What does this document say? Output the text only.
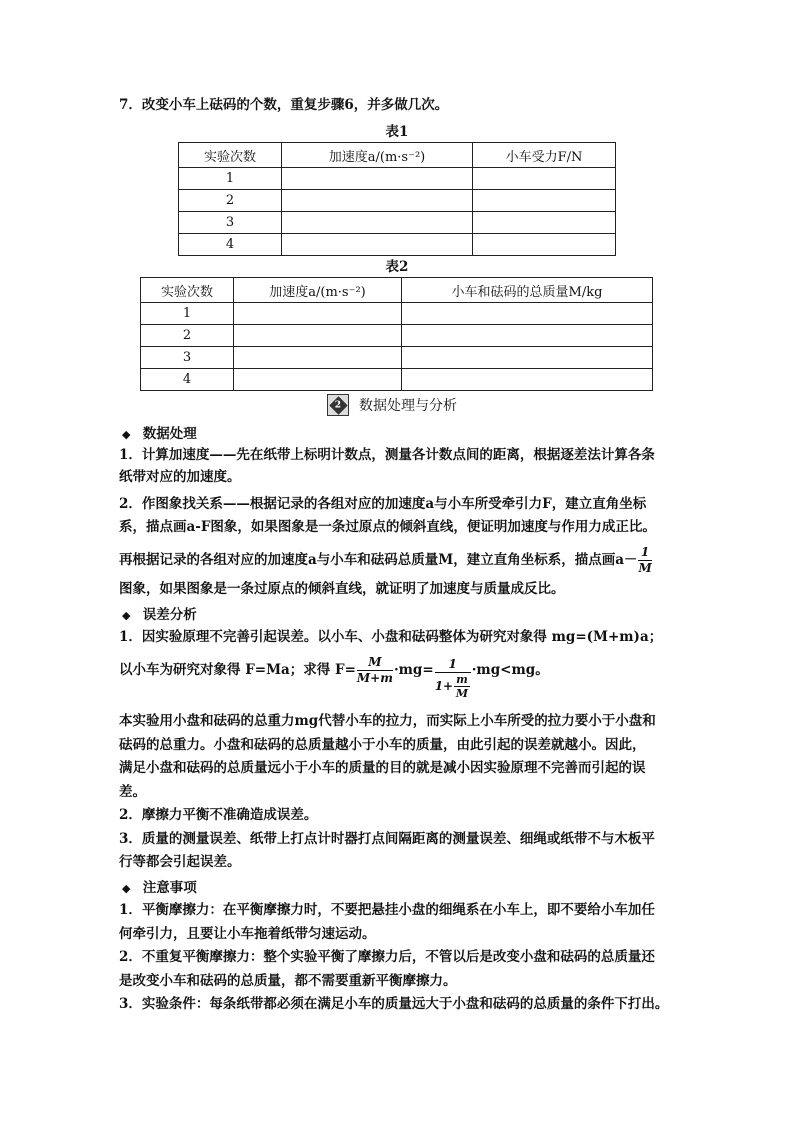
7．改变小车上砝码的个数，重复步骤6，并多做几次。
表1
实验次数	加速度a/(m·s⁻²)	小车受力F/N
1		
2		
3		
4		
表2
实验次数	加速度a/(m·s⁻²)	小车和砝码的总质量M/kg
1		
2		
3		
4		
2 数据处理与分析
◆ 数据处理
1．计算加速度——先在纸带上标明计数点，测量各计数点间的距离，根据逐差法计算各条
纸带对应的加速度。
2．作图象找关系——根据记录的各组对应的加速度a与小车所受牵引力F，建立直角坐标
系，描点画a-F图象，如果图象是一条过原点的倾斜直线，便证明加速度与作用力成正比。
再根据记录的各组对应的加速度a与小车和砝码总质量M，建立直角坐标系，描点画$a- \frac{1}{M}$
图象，如果图象是一条过原点的倾斜直线，就证明了加速度与质量成反比。
◆ 误差分析
1．因实验原理不完善引起误差。以小车、小盘和砝码整体为研究对象得 mg=(M+m)a；
以小车为研究对象得 F=Ma；求得 $F= \frac{M}{M+m} \cdot mg= \frac{1}{1+ \frac{m}{M}} \cdot mg<mg$。
本实验用小盘和砝码的总重力mg代替小车的拉力，而实际上小车所受的拉力要小于小盘和
砝码的总重力。小盘和砝码的总质量越小于小车的质量，由此引起的误差就越小。因此，
满足小盘和砝码的总质量远小于小车的质量的目的就是减小因实验原理不完善而引起的误
差。
2．摩擦力平衡不准确造成误差。
3．质量的测量误差、纸带上打点计时器打点间隔距离的测量误差、细绳或纸带不与木板平
行等都会引起误差。
◆ 注意事项
1．平衡摩擦力：在平衡摩擦力时，不要把悬挂小盘的细绳系在小车上，即不要给小车加任
何牵引力，且要让小车拖着纸带匀速运动。
2．不重复平衡摩擦力：整个实验平衡了摩擦力后，不管以后是改变小盘和砝码的总质量还
是改变小车和砝码的总质量，都不需要重新平衡摩擦力。
3．实验条件：每条纸带都必须在满足小车的质量远大于小盘和砝码的总质量的条件下打出。
